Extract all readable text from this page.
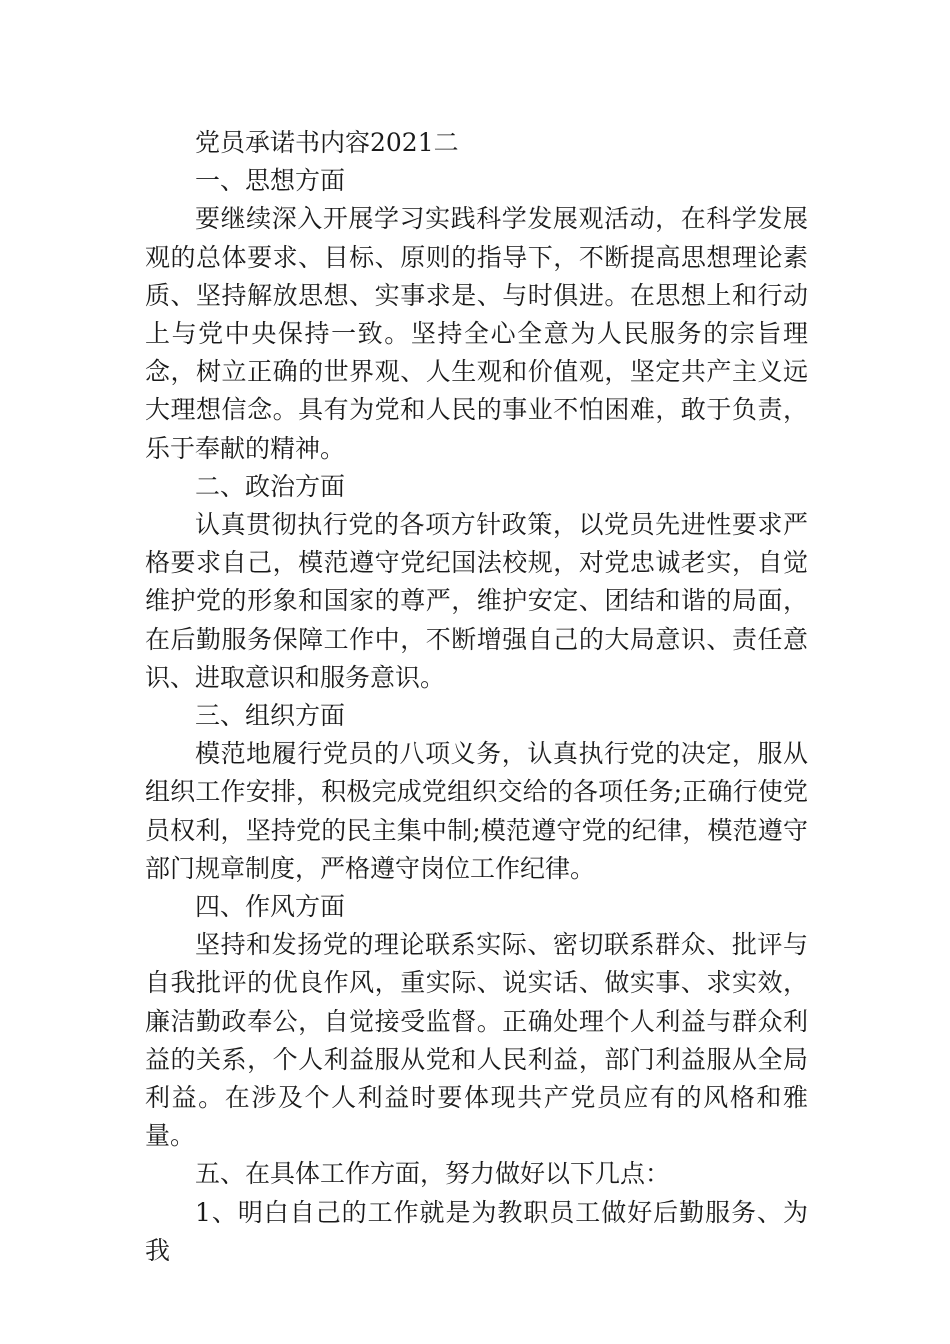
党员承诺书内容2021二

一、思想方面

要继续深入开展学习实践科学发展观活动，在科学发展观的总体要求、目标、原则的指导下，不断提高思想理论素质、坚持解放思想、实事求是、与时俱进。在思想上和行动上与党中央保持一致。坚持全心全意为人民服务的宗旨理念，树立正确的世界观、人生观和价值观，坚定共产主义远大理想信念。具有为党和人民的事业不怕困难，敢于负责，乐于奉献的精神。

二、政治方面

认真贯彻执行党的各项方针政策，以党员先进性要求严格要求自己，模范遵守党纪国法校规，对党忠诚老实，自觉维护党的形象和国家的尊严，维护安定、团结和谐的局面，在后勤服务保障工作中，不断增强自己的大局意识、责任意识、进取意识和服务意识。

三、组织方面

模范地履行党员的八项义务，认真执行党的决定，服从组织工作安排，积极完成党组织交给的各项任务;正确行使党员权利，坚持党的民主集中制;模范遵守党的纪律，模范遵守部门规章制度，严格遵守岗位工作纪律。

四、作风方面

坚持和发扬党的理论联系实际、密切联系群众、批评与自我批评的优良作风，重实际、说实话、做实事、求实效，廉洁勤政奉公，自觉接受监督。正确处理个人利益与群众利益的关系，个人利益服从党和人民利益，部门利益服从全局利益。在涉及个人利益时要体现共产党员应有的风格和雅量。

五、在具体工作方面，努力做好以下几点：

1、明白自己的工作就是为教职员工做好后勤服务、为我
